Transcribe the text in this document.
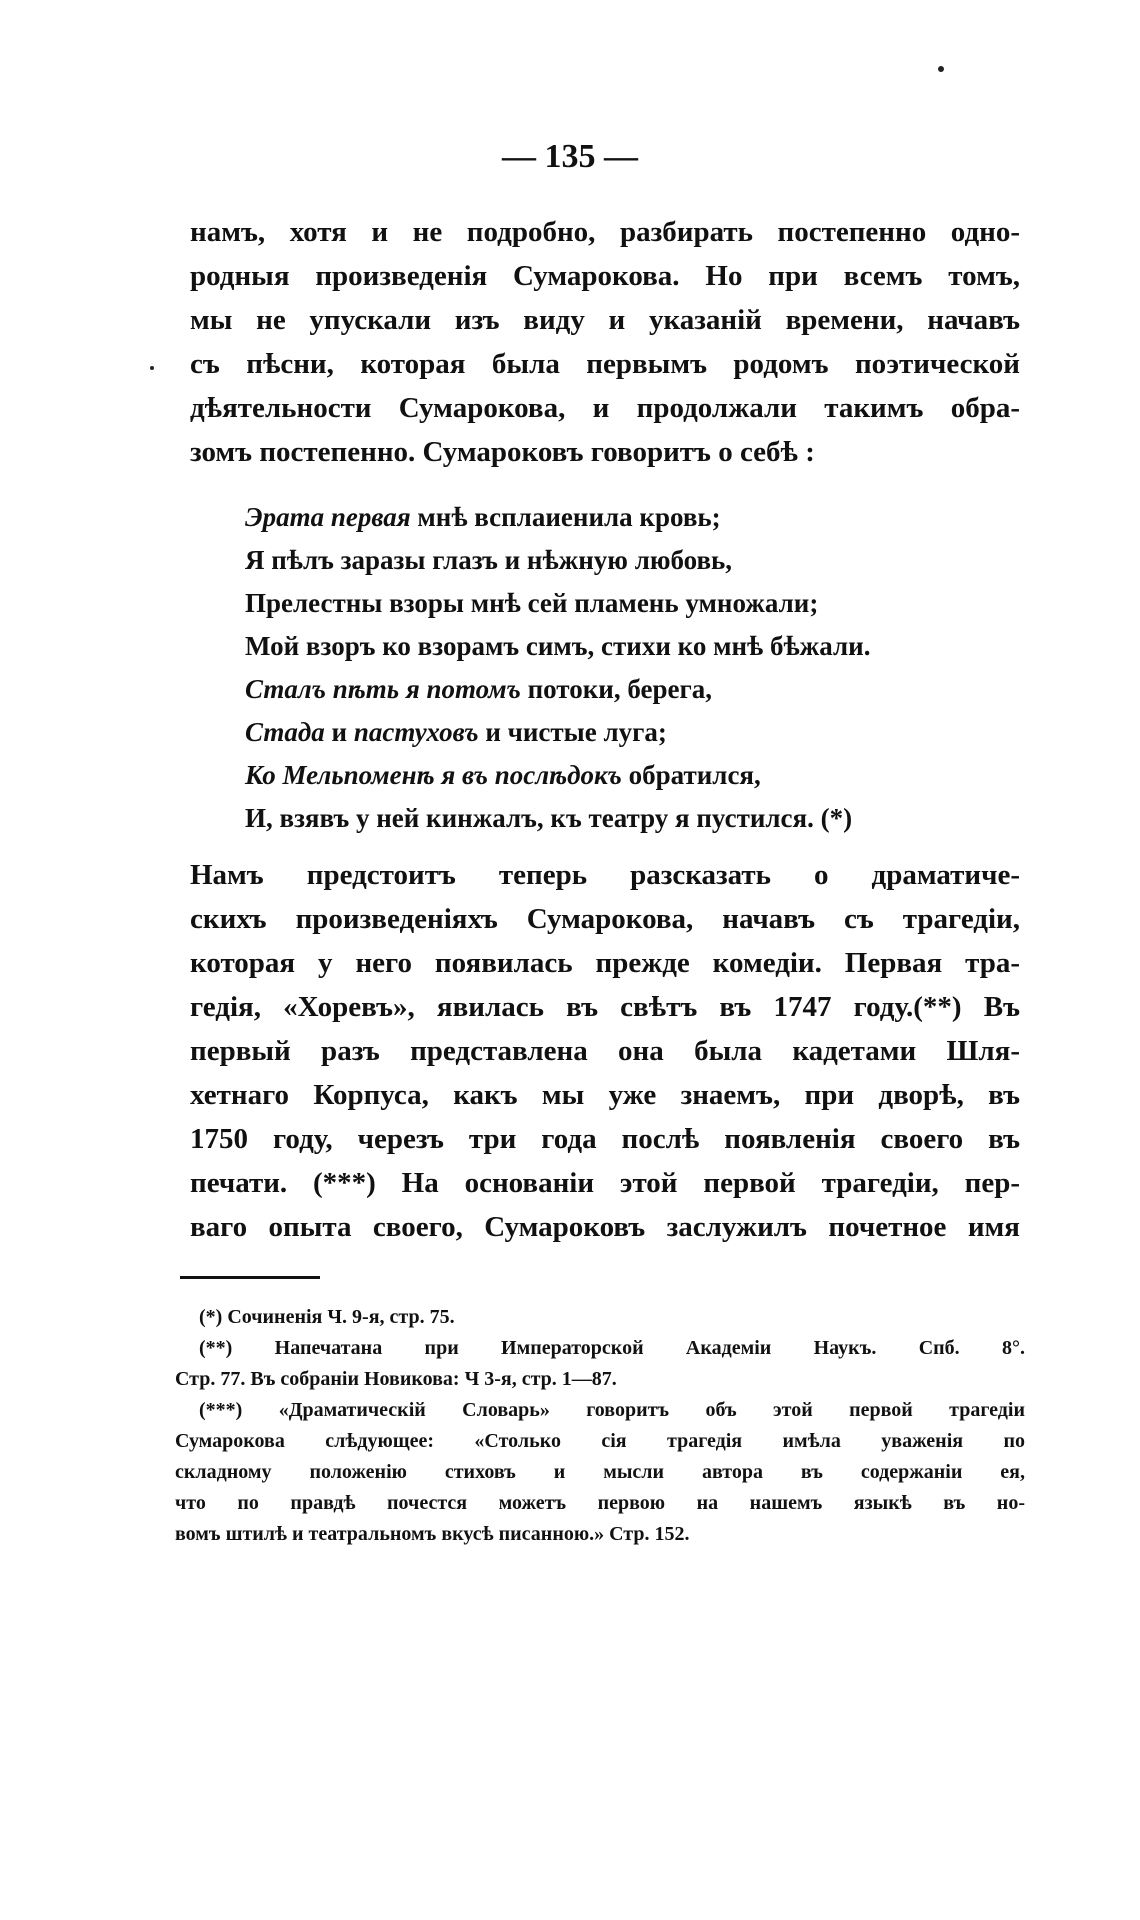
— 135 —
намъ, хотя и не подробно, разбирать постепенно одно-
родныя произведенія Сумарокова. Но при всемъ томъ,
мы не упускали изъ виду и указаній времени, начавъ
съ пѣсни, которая была первымъ родомъ поэтической
дѣятельности Сумарокова, и продолжали такимъ обра-
зомъ постепенно. Сумароковъ говоритъ о себѣ :
Эрата первая мнѣ всплаиенила кровь;
Я пѣлъ заразы глазъ и нѣжную любовь,
Прелестны взоры мнѣ сей пламень умножали;
Мой взоръ ко взорамъ симъ, стихи ко мнѣ бѣжали.
Сталъ пѣть я потомъ потоки, берега,
Стада и пастуховъ и чистые луга;
Ко Мельпоменѣ я въ послѣдокъ обратился,
И, взявъ у ней кинжалъ, къ театру я пустился. (*)
Намъ предстоитъ теперь разсказать о драматиче-
скихъ произведеніяхъ Сумарокова, начавъ съ трагедіи,
которая у него появилась прежде комедіи. Первая тра-
гедія, «Хоревъ», явилась въ свѣтъ въ 1747 году.(**) Въ
первый разъ представлена она была кадетами Шля-
хетнаго Корпуса, какъ мы уже знаемъ, при дворѣ, въ
1750 году, черезъ три года послѣ появленія своего въ
печати. (***) На основаніи этой первой трагедіи, пер-
ваго опыта своего, Сумароковъ заслужилъ почетное имя
(*) Сочиненія Ч. 9-я, стр. 75.
(**) Напечатана при Императорской Академіи Наукъ. Спб. 8°.
Стр. 77. Въ собраніи Новикова: Ч 3-я, стр. 1—87.
(***) «Драматическій Словарь» говоритъ объ этой первой трагедіи
Сумарокова слѣдующее: «Столько сія трагедія имѣла уваженія по
складному положенію стиховъ и мысли автора въ содержаніи ея,
что по правдѣ почестся можетъ первою на нашемъ языкѣ въ но-
вомъ штилѣ и театральномъ вкусѣ писанною.» Стр. 152.
